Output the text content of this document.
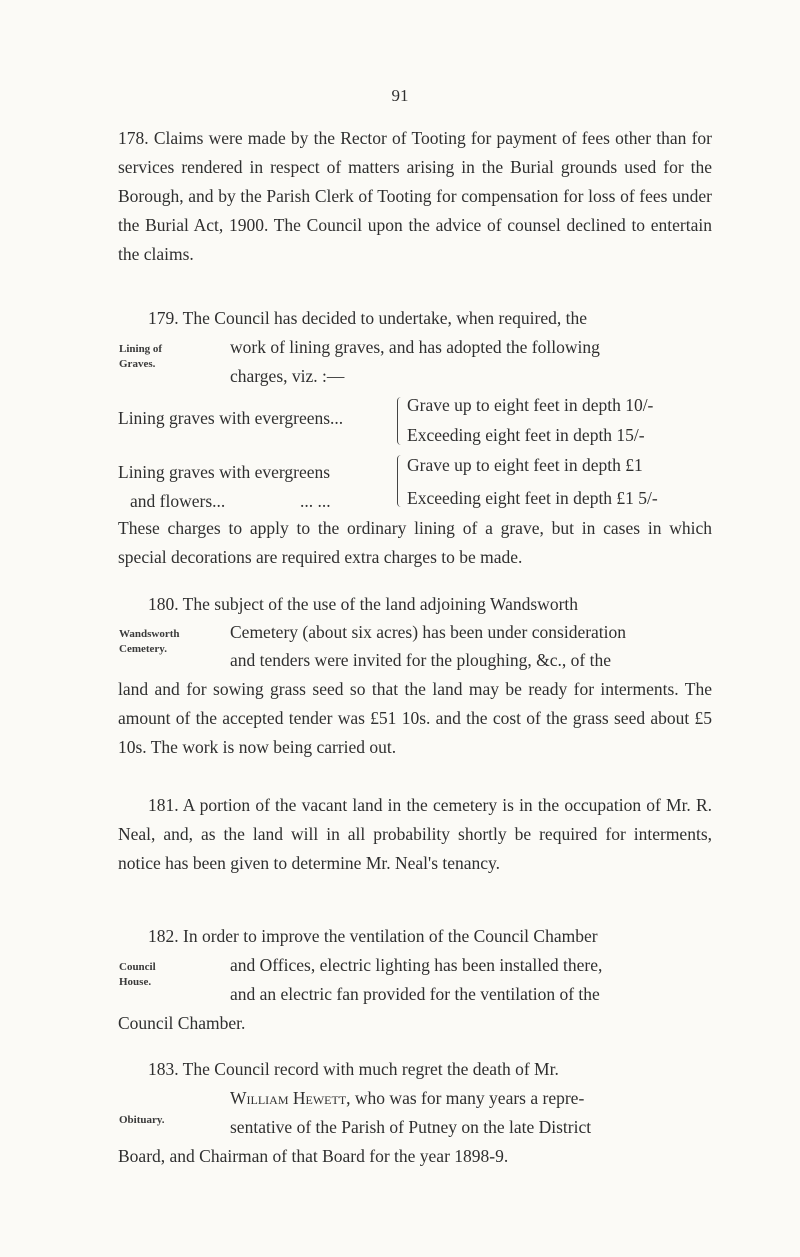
91
178. Claims were made by the Rector of Tooting for payment of fees other than for services rendered in respect of matters arising in the Burial grounds used for the Borough, and by the Parish Clerk of Tooting for compensation for loss of fees under the Burial Act, 1900. The Council upon the advice of counsel declined to entertain the claims.
179. The Council has decided to undertake, when required, the
Lining of
Graves.
work of lining graves, and has adopted the following
charges, viz. :—
Lining graves with evergreens...
Grave up to eight feet in depth 10/-
Exceeding eight feet in depth 15/-
Lining graves with evergreens
and flowers...	... ...
Grave up to eight feet in depth £1
Exceeding eight feet in depth £1 5/-
These charges to apply to the ordinary lining of a grave, but in cases in which special decorations are required extra charges to be made.
180. The subject of the use of the land adjoining Wandsworth
Wandsworth
Cemetery.
Cemetery (about six acres) has been under consideration
and tenders were invited for the ploughing, &c., of the
land and for sowing grass seed so that the land may be ready for interments. The amount of the accepted tender was £51 10s. and the cost of the grass seed about £5 10s. The work is now being carried out.
181. A portion of the vacant land in the cemetery is in the occupation of Mr. R. Neal, and, as the land will in all probability shortly be required for interments, notice has been given to determine Mr. Neal's tenancy.
182. In order to improve the ventilation of the Council Chamber
Council
House.
and Offices, electric lighting has been installed there,
and an electric fan provided for the ventilation of the
Council Chamber.
183. The Council record with much regret the death of Mr.
William Hewett, who was for many years a repre-
Obituary.	sentative of the Parish of Putney on the late District
Board, and Chairman of that Board for the year 1898-9.
